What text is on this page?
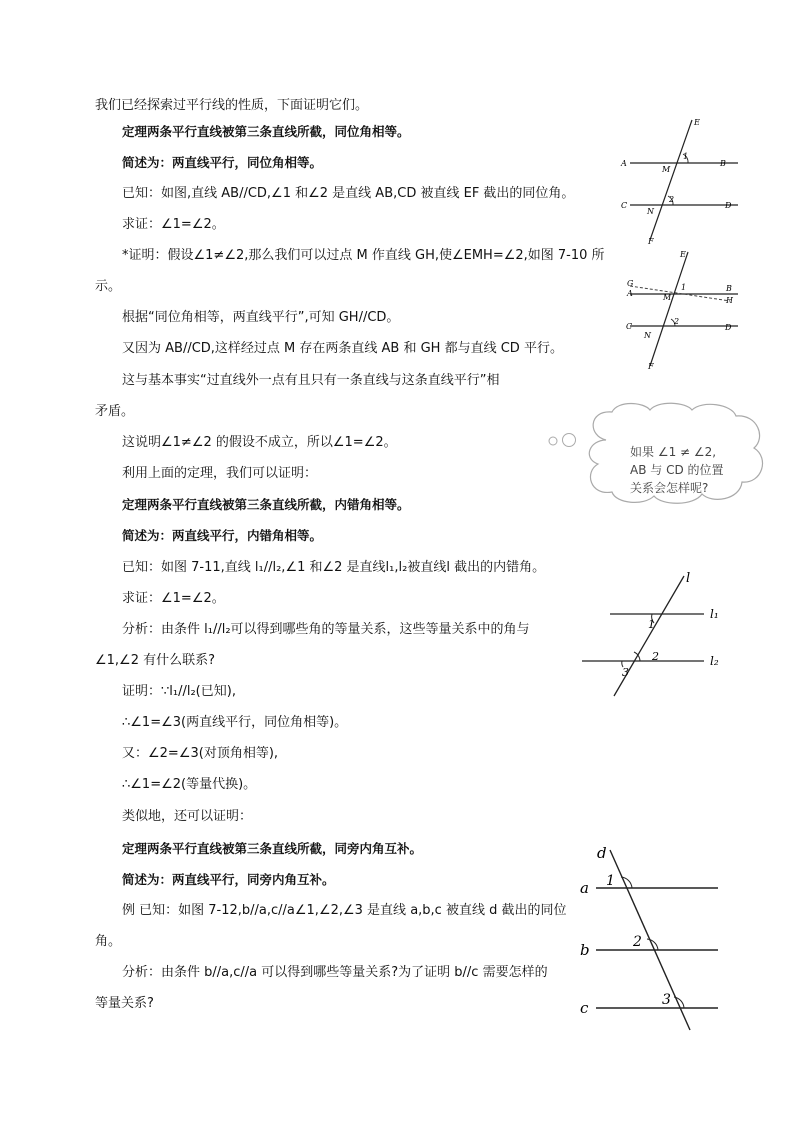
我们已经探索过平行线的性质，下面证明它们。
定理两条平行直线被第三条直线所截，同位角相等。
简述为：两直线平行，同位角相等。
已知：如图,直线 AB//CD,∠1 和∠2 是直线 AB,CD 被直线 EF 截出的同位角。
求证：∠1=∠2。
*证明：假设∠1≠∠2,那么我们可以过点 M 作直线 GH,使∠EMH=∠2,如图 7-10 所
示。
根据“同位角相等，两直线平行”,可知 GH//CD。
又因为 AB//CD,这样经过点 M 存在两条直线 AB 和 GH 都与直线 CD 平行。
这与基本事实“过直线外一点有且只有一条直线与这条直线平行”相
矛盾。
这说明∠1≠∠2 的假设不成立，所以∠1=∠2。
利用上面的定理，我们可以证明：
定理两条平行直线被第三条直线所截，内错角相等。
简述为：两直线平行，内错角相等。
已知：如图 7-11,直线 l₁//l₂,∠1 和∠2 是直线l₁,l₂被直线l 截出的内错角。
求证：∠1=∠2。
分析：由条件 l₁//l₂可以得到哪些角的等量关系，这些等量关系中的角与
∠1,∠2 有什么联系?
证明：∵l₁//l₂(已知),
∴∠1=∠3(两直线平行，同位角相等)。
又：∠2=∠3(对顶角相等),
∴∠1=∠2(等量代换)。
类似地，还可以证明：
定理两条平行直线被第三条直线所截，同旁内角互补。
简述为：两直线平行，同旁内角互补。
例 已知：如图 7-12,b//a,c//a∠1,∠2,∠3 是直线 a,b,c 被直线 d 截出的同位
角。
分析：由条件 b//a,c//a 可以得到哪些等量关系?为了证明 b//c 需要怎样的
等量关系?
E
A
1
B
M
C
2
D
N
F
E
G
A
1	B
M	H
C
2
D
N
F
如果 ∠1 ≠ ∠2,
AB 与 CD 的位置
关系会怎样呢?
l
l₁
1
2	l₂
3
d
a 1
b	2
c	3
